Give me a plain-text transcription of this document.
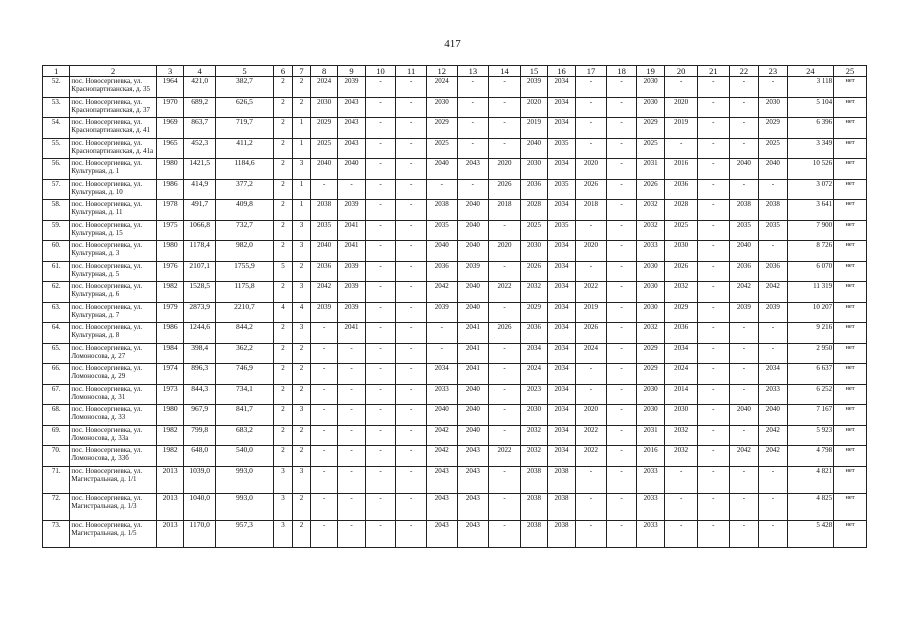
417
1	2	3	4	5	6	7	8	9	10	11	12	13	14	15	16	17	18	19	20	21	22	23	24	25
52.	пос. Новосергиевка, ул. Краснопартизанская, д. 35	1964	421,0	382,7	2	2	2024	2039	-	-	2024	-	-	2039	2034	-	-	2030	-	-	-	-	3 118	нет
53.	пос. Новосергиевка, ул. Краснопартизанская, д. 37	1970	689,2	626,5	2	2	2030	2043	-	-	2030	-	-	2020	2034	-	-	2030	2020	-	-	2030	5 104	нет
54.	пос. Новосергиевка, ул. Краснопартизанская, д. 41	1969	863,7	719,7	2	1	2029	2043	-	-	2029	-	-	2019	2034	-	-	2029	2019	-	-	2029	6 396	нет
55.	пос. Новосергиевка, ул. Краснопартизанская, д. 41а	1965	452,3	411,2	2	1	2025	2043	-	-	2025	-	-	2040	2035	-	-	2025	-	-	-	2025	3 349	нет
56.	пос. Новосергиевка, ул. Культурная, д. 1	1980	1421,5	1184,6	2	3	2040	2040	-	-	2040	2043	2020	2030	2034	2020	-	2031	2016	-	2040	2040	10 526	нет
57.	пос. Новосергиевка, ул. Культурная, д. 10	1986	414,9	377,2	2	1	-	-	-	-	-	-	2026	2036	2035	2026	-	2026	2036	-	-	-	3 072	нет
58.	пос. Новосергиевка, ул. Культурная, д. 11	1978	491,7	409,8	2	1	2038	2039	-	-	2038	2040	2018	2028	2034	2018	-	2032	2028	-	2038	2038	3 641	нет
59.	пос. Новосергиевка, ул. Культурная, д. 15	1975	1066,8	732,7	2	3	2035	2041	-	-	2035	2040	-	2025	2035	-	-	2032	2025	-	2035	2035	7 900	нет
60.	пос. Новосергиевка, ул. Культурная, д. 3	1980	1178,4	982,0	2	3	2040	2041	-	-	2040	2040	2020	2030	2034	2020	-	2033	2030	-	2040	-	8 726	нет
61.	пос. Новосергиевка, ул. Культурная, д. 5	1976	2107,1	1755,9	5	2	2036	2039	-	-	2036	2039	-	2026	2034	-	-	2030	2026	-	2036	2036	6 070	нет
62.	пос. Новосергиевка, ул. Культурная, д. 6	1982	1528,5	1175,8	2	3	2042	2039	-	-	2042	2040	2022	2032	2034	2022	-	2030	2032	-	2042	2042	11 319	нет
63.	пос. Новосергиевка, ул. Культурная, д. 7	1979	2873,9	2210,7	4	4	2039	2039	-	-	2039	2040	-	2029	2034	2019	-	2030	2029	-	2039	2039	10 207	нет
64.	пос. Новосергиевка, ул. Культурная, д. 8	1986	1244,6	844,2	2	3	-	2041	-	-	-	2041	2026	2036	2034	2026	-	2032	2036	-	-	-	9 216	нет
65.	пос. Новосергиевка, ул. Ломоносова, д. 27	1984	398,4	362,2	2	2	-	-	-	-	-	2041	-	2034	2034	2024	-	2029	2034	-	-	-	2 950	нет
66.	пос. Новосергиевка, ул. Ломоносова, д. 29	1974	896,3	746,9	2	2	-	-	-	-	2034	2041	-	2024	2034	-	-	2029	2024	-	-	2034	6 637	нет
67.	пос. Новосергиевка, ул. Ломоносова, д. 31	1973	844,3	734,1	2	2	-	-	-	-	2033	2040	-	2023	2034	-	-	2030	2014	-	-	2033	6 252	нет
68.	пос. Новосергиевка, ул. Ломоносова, д. 33	1980	967,9	841,7	2	3	-	-	-	-	2040	2040	-	2030	2034	2020	-	2030	2030	-	2040	2040	7 167	нет
69.	пос. Новосергиевка, ул. Ломоносова, д. 33а	1982	799,8	683,2	2	2	-	-	-	-	2042	2040	-	2032	2034	2022	-	2031	2032	-	-	2042	5 923	нет
70.	пос. Новосергиевка, ул. Ломоносова, д. 33б	1982	648,0	540,0	2	2	-	-	-	-	2042	2043	2022	2032	2034	2022	-	2016	2032	-	2042	2042	4 798	нет
71.	пос. Новосергиевка, ул. Магистральная, д. 1/1	2013	1039,0	993,0	3	3	-	-	-	-	2043	2043	-	2038	2038	-	-	2033	-	-	-	-	4 821	нет
72.	пос. Новосергиевка, ул. Магистральная, д. 1/3	2013	1040,0	993,0	3	2	-	-	-	-	2043	2043	-	2038	2038	-	-	2033	-	-	-	-	4 825	нет
73.	пос. Новосергиевка, ул. Магистральная, д. 1/5	2013	1170,0	957,3	3	2	-	-	-	-	2043	2043	-	2038	2038	-	-	2033	-	-	-	-	5 428	нет
